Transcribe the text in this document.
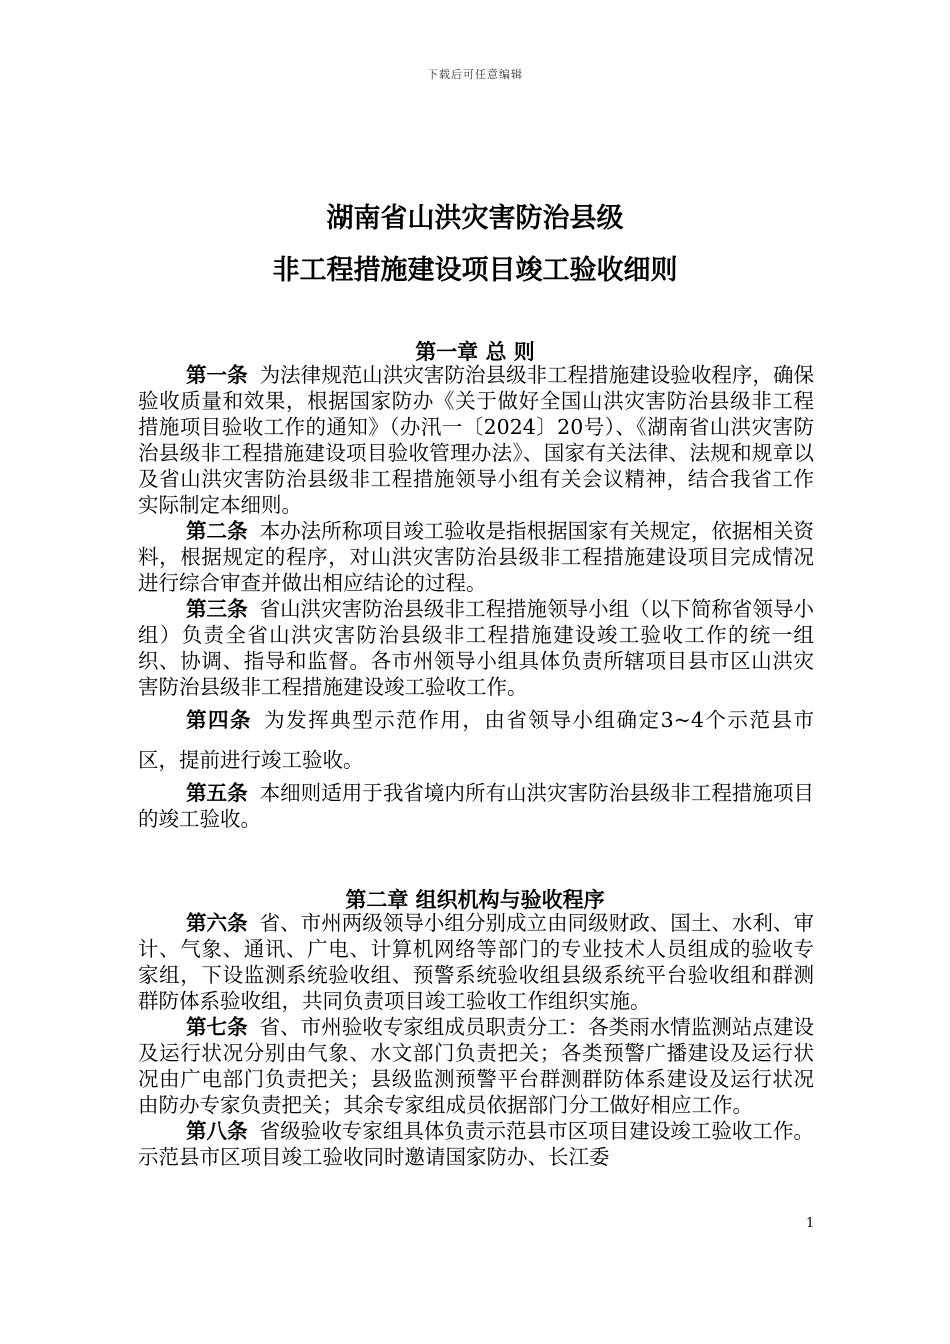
下载后可任意编辑
湖南省山洪灾害防治县级
非工程措施建设项目竣工验收细则
第一章 总 则

第一条 为法律规范山洪灾害防治县级非工程措施建设验收程序，确保验收质量和效果，根据国家防办《关于做好全国山洪灾害防治县级非工程措施项目验收工作的通知》（办汛一〔2024〕20号）、《湖南省山洪灾害防治县级非工程措施建设项目验收管理办法》、国家有关法律、法规和规章以及省山洪灾害防治县级非工程措施领导小组有关会议精神，结合我省工作实际制定本细则。

第二条 本办法所称项目竣工验收是指根据国家有关规定，依据相关资料，根据规定的程序，对山洪灾害防治县级非工程措施建设项目完成情况进行综合审查并做出相应结论的过程。

第三条 省山洪灾害防治县级非工程措施领导小组（以下简称省领导小组）负责全省山洪灾害防治县级非工程措施建设竣工验收工作的统一组织、协调、指导和监督。各市州领导小组具体负责所辖项目县市区山洪灾害防治县级非工程措施建设竣工验收工作。

第四条 为发挥典型示范作用，由省领导小组确定3~4个示范县市区，提前进行竣工验收。

第五条 本细则适用于我省境内所有山洪灾害防治县级非工程措施项目的竣工验收。

第二章 组织机构与验收程序

第六条 省、市州两级领导小组分别成立由同级财政、国土、水利、审计、气象、通讯、广电、计算机网络等部门的专业技术人员组成的验收专家组，下设监测系统验收组、预警系统验收组县级系统平台验收组和群测群防体系验收组，共同负责项目竣工验收工作组织实施。

第七条 省、市州验收专家组成员职责分工：各类雨水情监测站点建设及运行状况分别由气象、水文部门负责把关；各类预警广播建设及运行状况由广电部门负责把关；县级监测预警平台群测群防体系建设及运行状况由防办专家负责把关；其余专家组成员依据部门分工做好相应工作。

第八条 省级验收专家组具体负责示范县市区项目建设竣工验收工作。示范县市区项目竣工验收同时邀请国家防办、长江委

1
